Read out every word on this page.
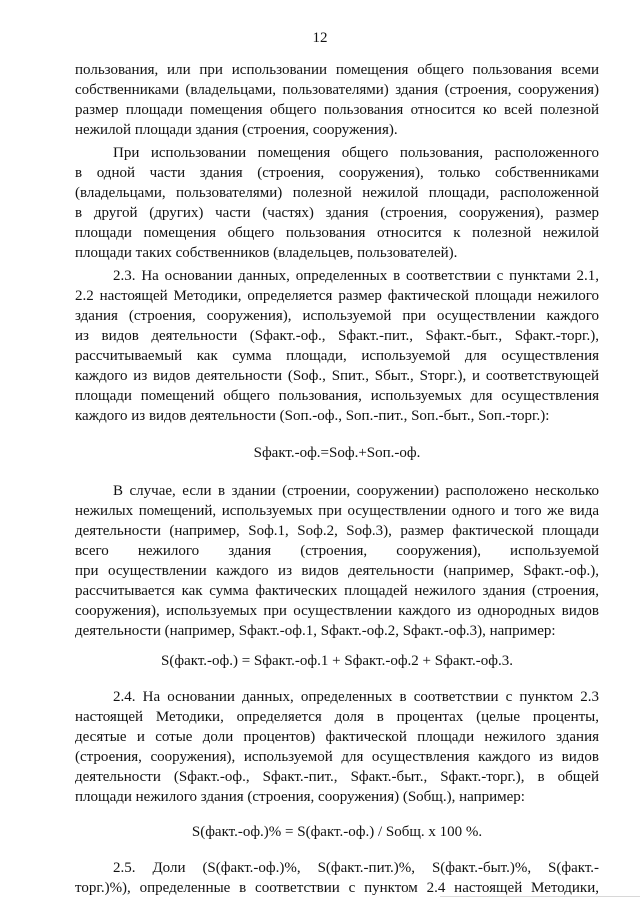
12
пользования, или при использовании помещения общего пользования всеми
собственниками (владельцами, пользователями) здания (строения, сооружения)
размер площади помещения общего пользования относится ко всей полезной
нежилой площади здания (строения, сооружения).
При использовании помещения общего пользования, расположенного
в одной части здания (строения, сооружения), только собственниками
(владельцами, пользователями) полезной нежилой площади, расположенной
в другой (других) части (частях) здания (строения, сооружения), размер
площади помещения общего пользования относится к полезной нежилой
площади таких собственников (владельцев, пользователей).
2.3. На основании данных, определенных в соответствии с пунктами 2.1,
2.2 настоящей Методики, определяется размер фактической площади нежилого
здания (строения, сооружения), используемой при осуществлении каждого
из видов деятельности (Sфакт.-оф., Sфакт.-пит., Sфакт.-быт., Sфакт.-торг.),
рассчитываемый как сумма площади, используемой для осуществления
каждого из видов деятельности (Sоф., Sпит., Sбыт., Sторг.), и соответствующей
площади помещений общего пользования, используемых для осуществления
каждого из видов деятельности (Sоп.-оф., Sоп.-пит., Sоп.-быт., Sоп.-торг.):
Sфакт.-оф.=Sоф.+Sоп.-оф.
В случае, если в здании (строении, сооружении) расположено несколько
нежилых помещений, используемых при осуществлении одного и того же вида
деятельности (например, Sоф.1, Sоф.2, Sоф.3), размер фактической площади
всего нежилого здания (строения, сооружения), используемой
при осуществлении каждого из видов деятельности (например, Sфакт.-оф.),
рассчитывается как сумма фактических площадей нежилого здания (строения,
сооружения), используемых при осуществлении каждого из однородных видов
деятельности (например, Sфакт.-оф.1, Sфакт.-оф.2, Sфакт.-оф.3), например:
S(факт.-оф.) = Sфакт.-оф.1 + Sфакт.-оф.2 + Sфакт.-оф.3.
2.4. На основании данных, определенных в соответствии с пунктом 2.3
настоящей Методики, определяется доля в процентах (целые проценты,
десятые и сотые доли процентов) фактической площади нежилого здания
(строения, сооружения), используемой для осуществления каждого из видов
деятельности (Sфакт.-оф., Sфакт.-пит., Sфакт.-быт., Sфакт.-торг.), в общей
площади нежилого здания (строения, сооружения) (Sобщ.), например:
S(факт.-оф.)% = S(факт.-оф.) / Sобщ. х 100 %.
2.5. Доли (S(факт.-оф.)%, S(факт.-пит.)%, S(факт.-быт.)%, S(факт.-
торг.)%), определенные в соответствии с пунктом 2.4 настоящей Методики,
